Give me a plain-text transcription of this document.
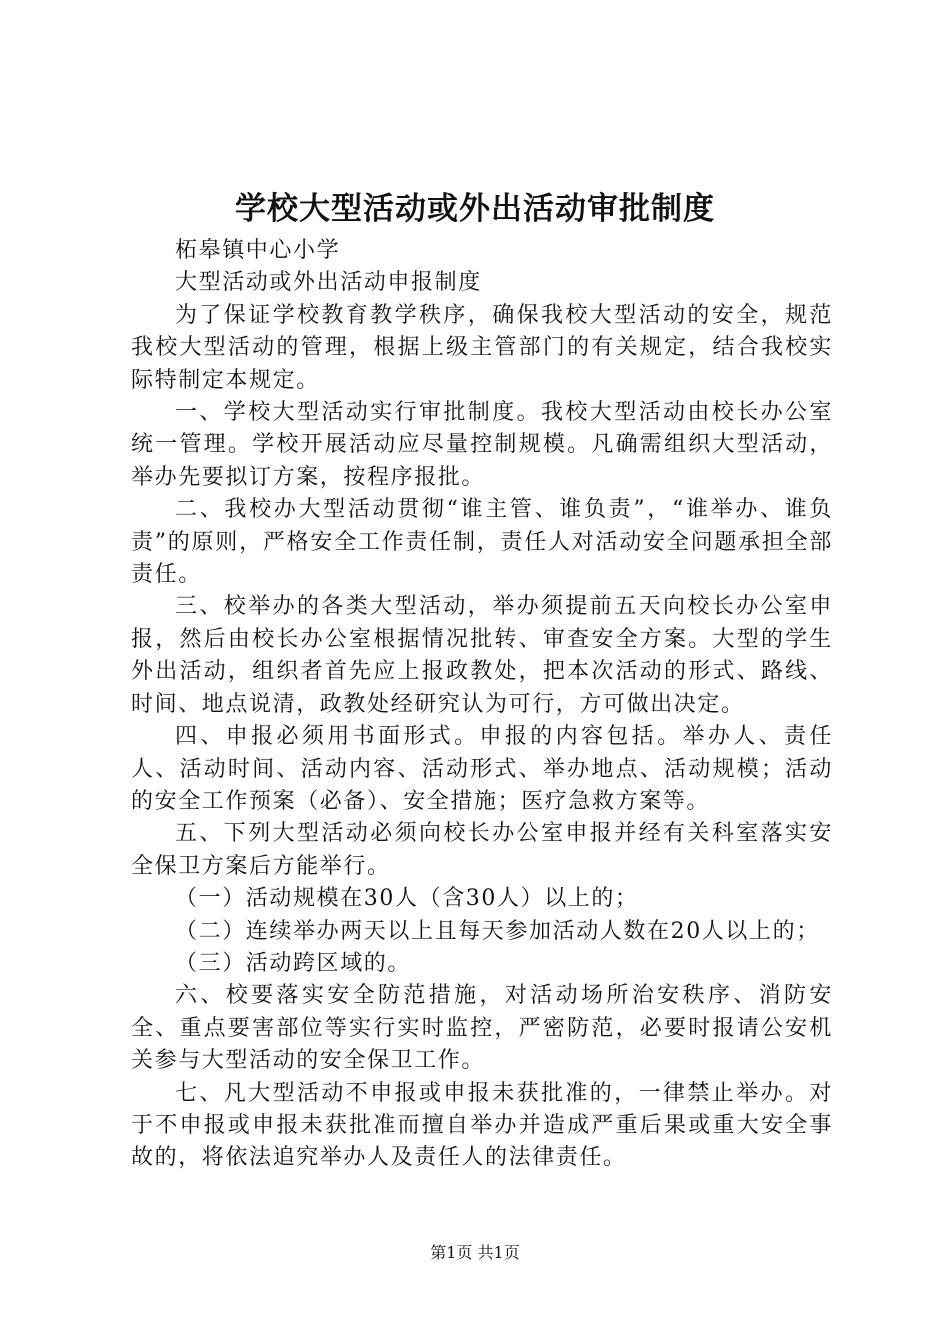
学校大型活动或外出活动审批制度

柘皋镇中心小学

大型活动或外出活动申报制度

为了保证学校教育教学秩序，确保我校大型活动的安全，规范我校大型活动的管理，根据上级主管部门的有关规定，结合我校实际特制定本规定。

一、学校大型活动实行审批制度。我校大型活动由校长办公室统一管理。学校开展活动应尽量控制规模。凡确需组织大型活动，举办先要拟订方案，按程序报批。

二、我校办大型活动贯彻“谁主管、谁负责”，“谁举办、谁负责”的原则，严格安全工作责任制，责任人对活动安全问题承担全部责任。

三、校举办的各类大型活动，举办须提前五天向校长办公室申报，然后由校长办公室根据情况批转、审查安全方案。大型的学生外出活动，组织者首先应上报政教处，把本次活动的形式、路线、时间、地点说清，政教处经研究认为可行，方可做出决定。

四、申报必须用书面形式。申报的内容包括。举办人、责任人、活动时间、活动内容、活动形式、举办地点、活动规模；活动的安全工作预案（必备）、安全措施；医疗急救方案等。

五、下列大型活动必须向校长办公室申报并经有关科室落实安全保卫方案后方能举行。

（一）活动规模在30人（含30人）以上的；

（二）连续举办两天以上且每天参加活动人数在20人以上的；

（三）活动跨区域的。

六、校要落实安全防范措施，对活动场所治安秩序、消防安全、重点要害部位等实行实时监控，严密防范，必要时报请公安机关参与大型活动的安全保卫工作。

七、凡大型活动不申报或申报未获批准的，一律禁止举办。对于不申报或申报未获批准而擅自举办并造成严重后果或重大安全事故的，将依法追究举办人及责任人的法律责任。

第1页 共1页
